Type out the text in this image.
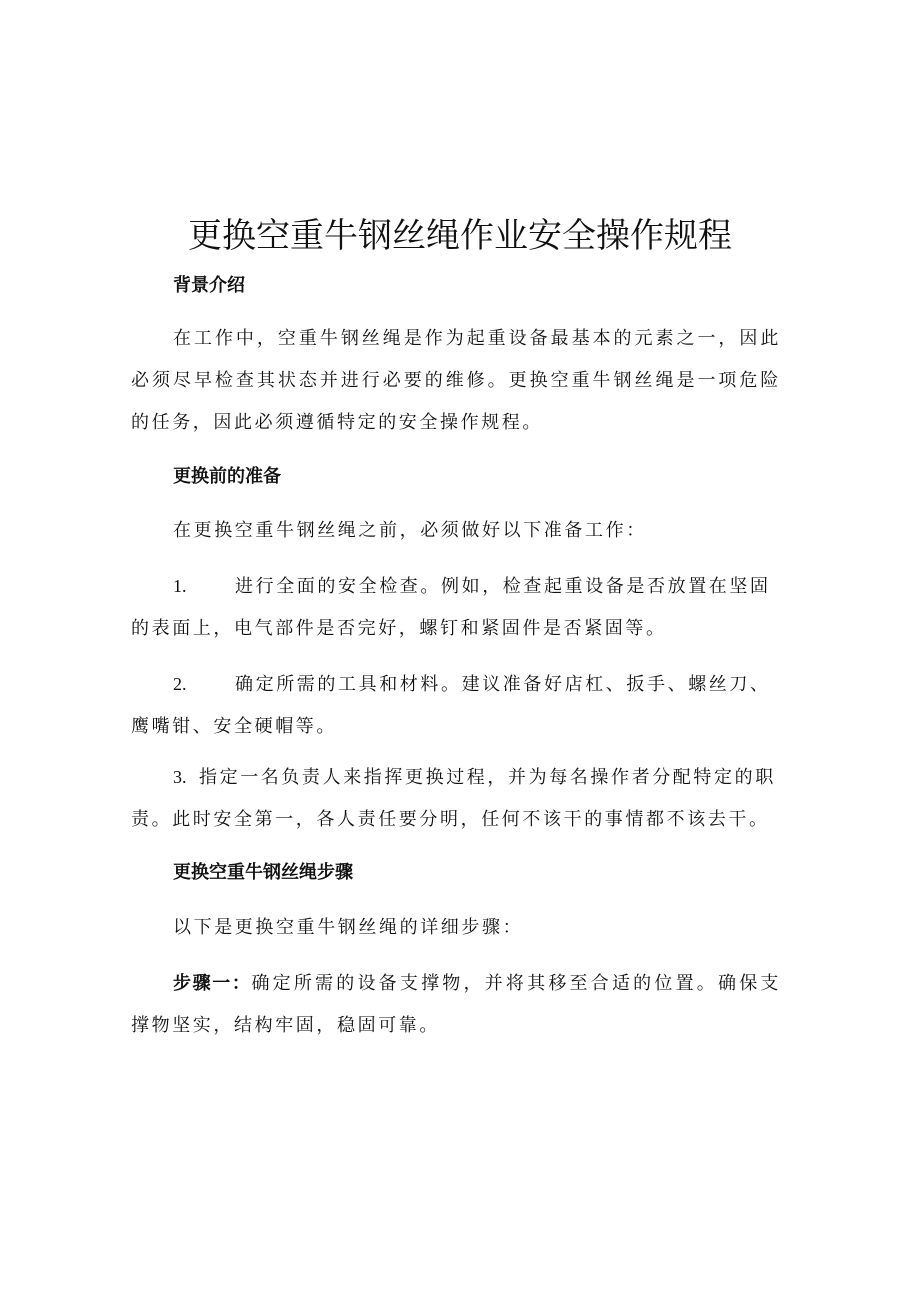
更换空重牛钢丝绳作业安全操作规程
背景介绍

在工作中，空重牛钢丝绳是作为起重设备最基本的元素之一，因此必须尽早检查其状态并进行必要的维修。更换空重牛钢丝绳是一项危险的任务，因此必须遵循特定的安全操作规程。

更换前的准备

在更换空重牛钢丝绳之前，必须做好以下准备工作：

1.	进行全面的安全检查。例如，检查起重设备是否放置在坚固的表面上，电气部件是否完好，螺钉和紧固件是否紧固等。
2.	确定所需的工具和材料。建议准备好店杠、扳手、螺丝刀、鹰嘴钳、安全硬帽等。
3. 指定一名负责人来指挥更换过程，并为每名操作者分配特定的职责。此时安全第一，各人责任要分明，任何不该干的事情都不该去干。
更换空重牛钢丝绳步骤

以下是更换空重牛钢丝绳的详细步骤：

步骤一：确定所需的设备支撑物，并将其移至合适的位置。确保支撑物坚实，结构牢固，稳固可靠。
